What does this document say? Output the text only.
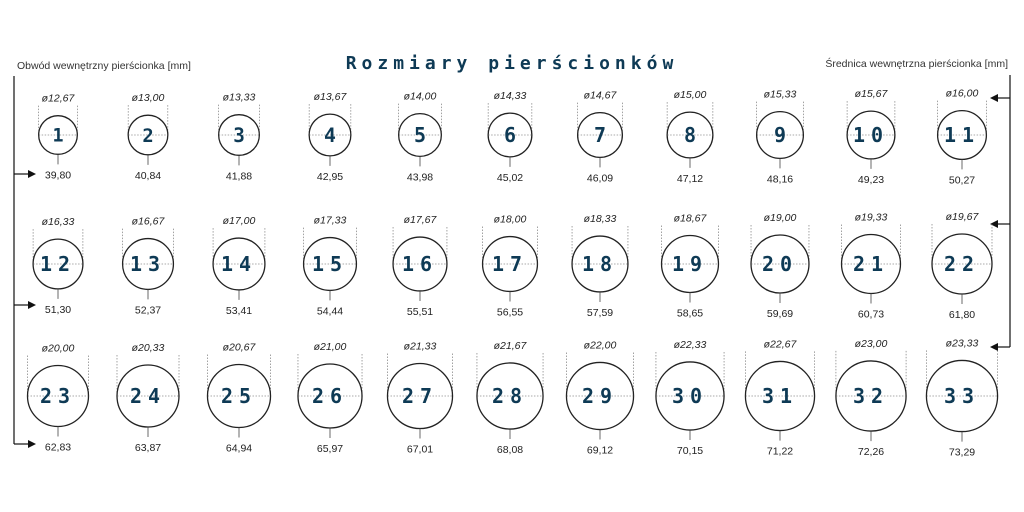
Obwód wewnętrzny pierścionka [mm]	Rozmiary pierścionków	Średnica wewnętrzna pierścionka [mm]
ø12,67
39,80
1
ø13,00
40,84
2
ø13,33
41,88
3
ø13,67
42,95
4
ø14,00
43,98
5
ø14,33
45,02
6
ø14,67
46,09
7
ø15,00
47,12
8
ø15,33
48,16
9
ø15,67
49,23
10
ø16,00
50,27
11
ø16,33
51,30
12
ø16,67
52,37
13
ø17,00
53,41
14
ø17,33
54,44
15
ø17,67
55,51
16
ø18,00
56,55
17
ø18,33
57,59
18
ø18,67
58,65
19
ø19,00
59,69
20
ø19,33
60,73
21
ø19,67
61,80
22
ø20,00
62,83
23
ø20,33
63,87
24
ø20,67
64,94
25
ø21,00
65,97
26
ø21,33
67,01
27
ø21,67
68,08
28
ø22,00
69,12
29
ø22,33
70,15
30
ø22,67
71,22
31
ø23,00
72,26
32
ø23,33
73,29
33
